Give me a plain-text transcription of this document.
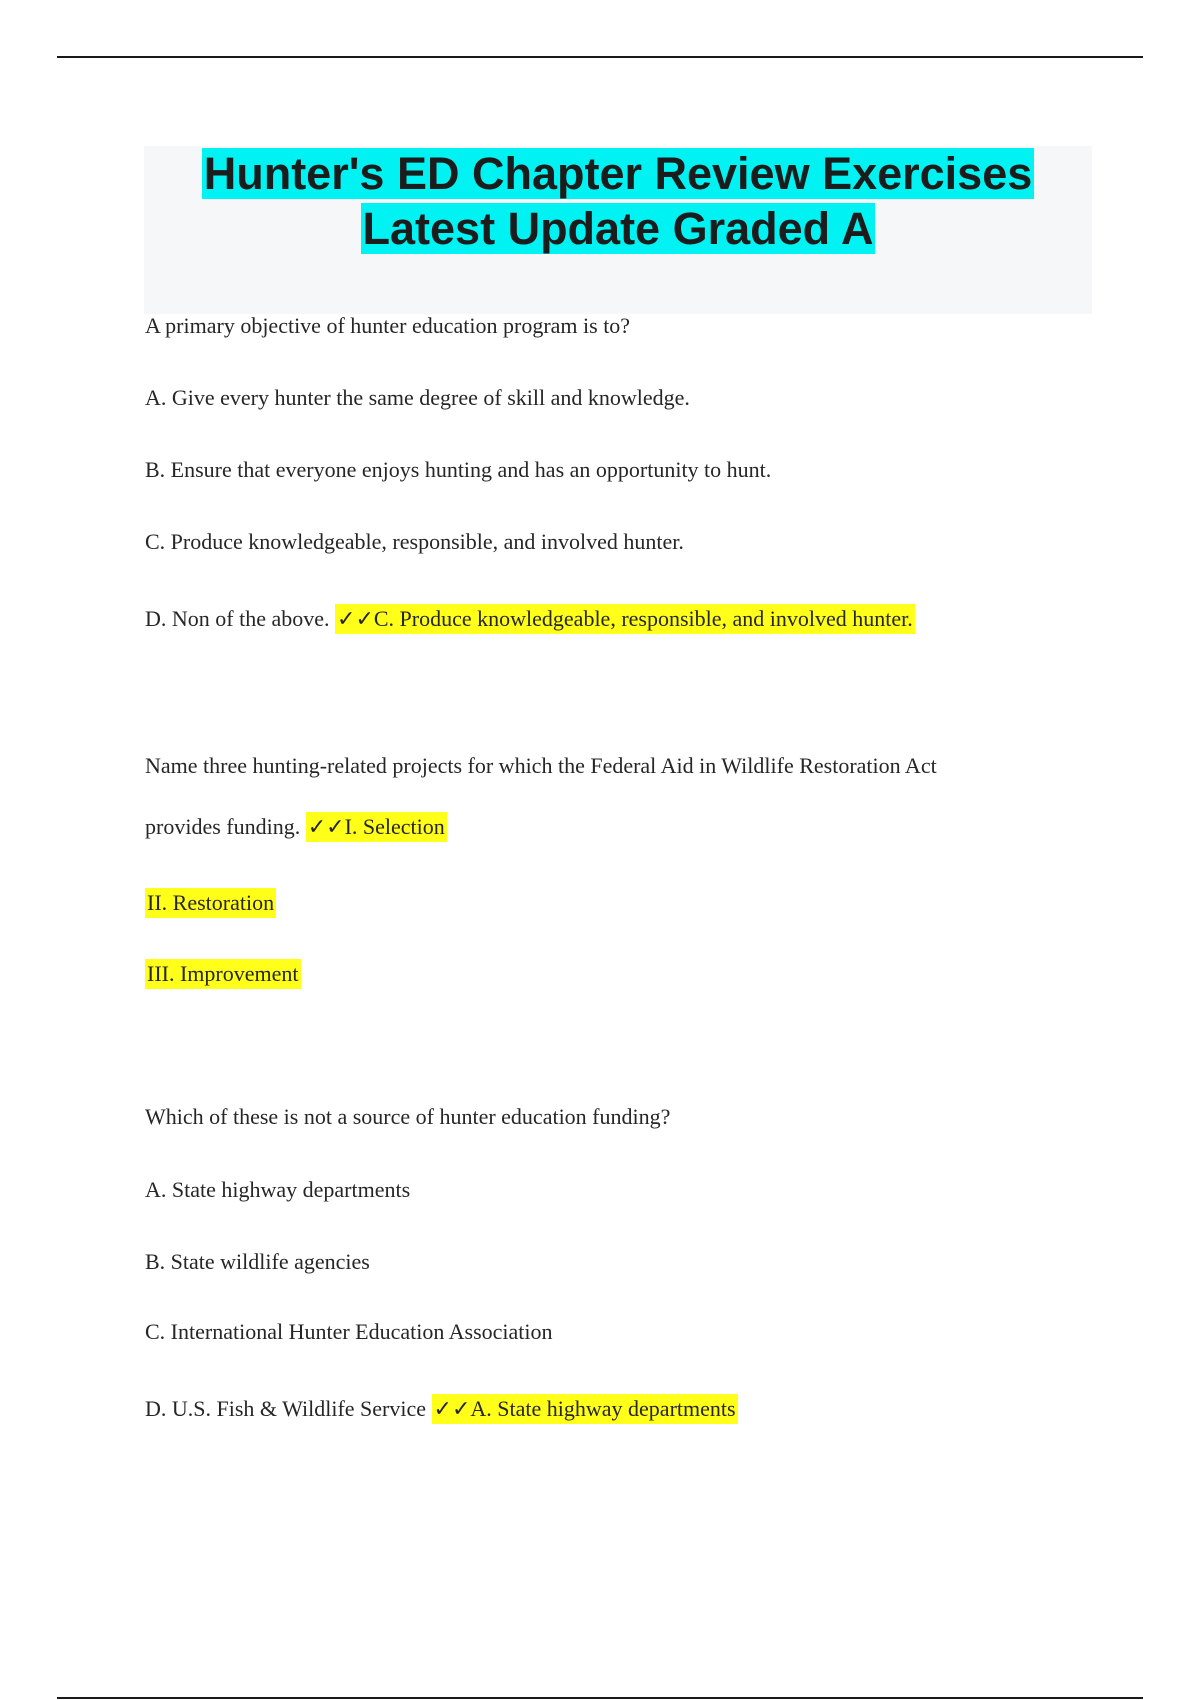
Hunter's ED Chapter Review Exercises
Latest Update Graded A
A primary objective of hunter education program is to?
A. Give every hunter the same degree of skill and knowledge.
B. Ensure that everyone enjoys hunting and has an opportunity to hunt.
C. Produce knowledgeable, responsible, and involved hunter.
D. Non of the above. ✓✓C. Produce knowledgeable, responsible, and involved hunter.
Name three hunting-related projects for which the Federal Aid in Wildlife Restoration Act
provides funding. ✓✓I. Selection
II. Restoration
III. Improvement
Which of these is not a source of hunter education funding?
A. State highway departments
B. State wildlife agencies
C. International Hunter Education Association
D. U.S. Fish & Wildlife Service ✓✓A. State highway departments
